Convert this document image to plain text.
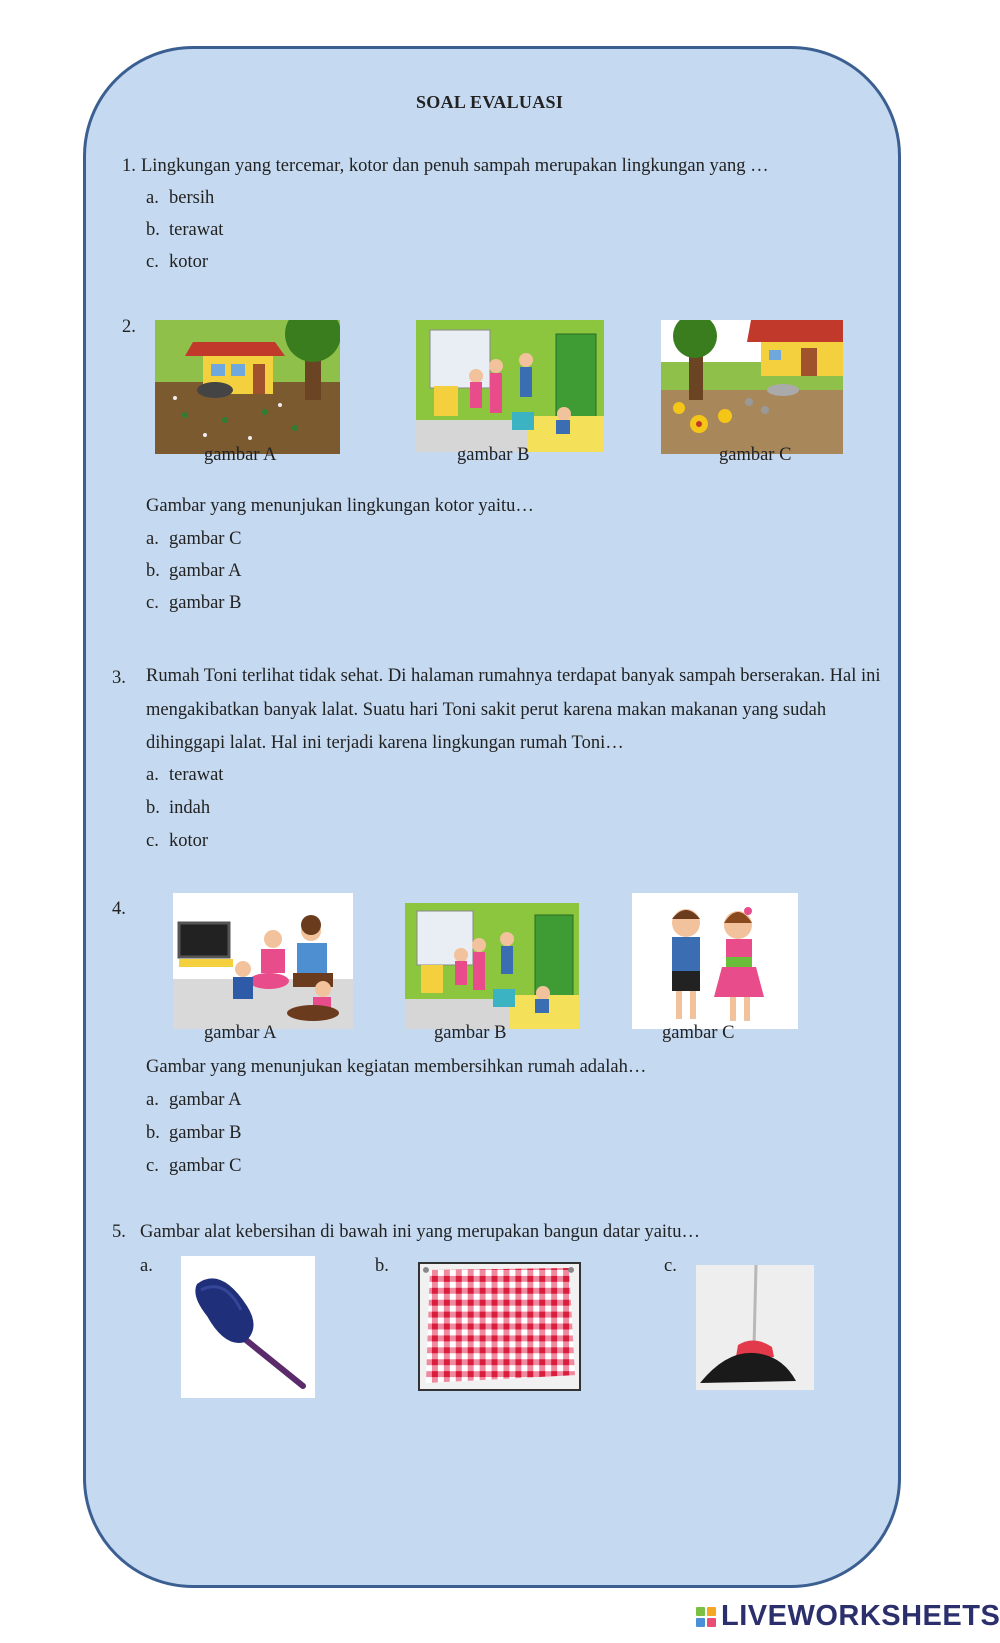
SOAL EVALUASI
1. Lingkungan yang tercemar, kotor dan penuh sampah merupakan lingkungan yang …
a. bersih
b. terawat
c. kotor
2.
gambar A	gambar B	gambar C
Gambar yang menunjukan lingkungan kotor yaitu…
a. gambar C
b. gambar A
c. gambar B
3. Rumah Toni terlihat tidak sehat. Di halaman rumahnya terdapat banyak sampah berserakan. Hal ini mengakibatkan banyak lalat. Suatu hari Toni sakit perut karena makan makanan yang sudah dihinggapi lalat. Hal ini terjadi karena lingkungan rumah Toni…
a. terawat
b. indah
c. kotor
4.
gambar A	gambar B	gambar C
Gambar yang menunjukan kegiatan membersihkan rumah adalah…
a. gambar A
b. gambar B
c. gambar C
5. Gambar alat kebersihan di bawah ini yang merupakan bangun datar yaitu…
a.	b.	c.
LIVEWORKSHEETS
